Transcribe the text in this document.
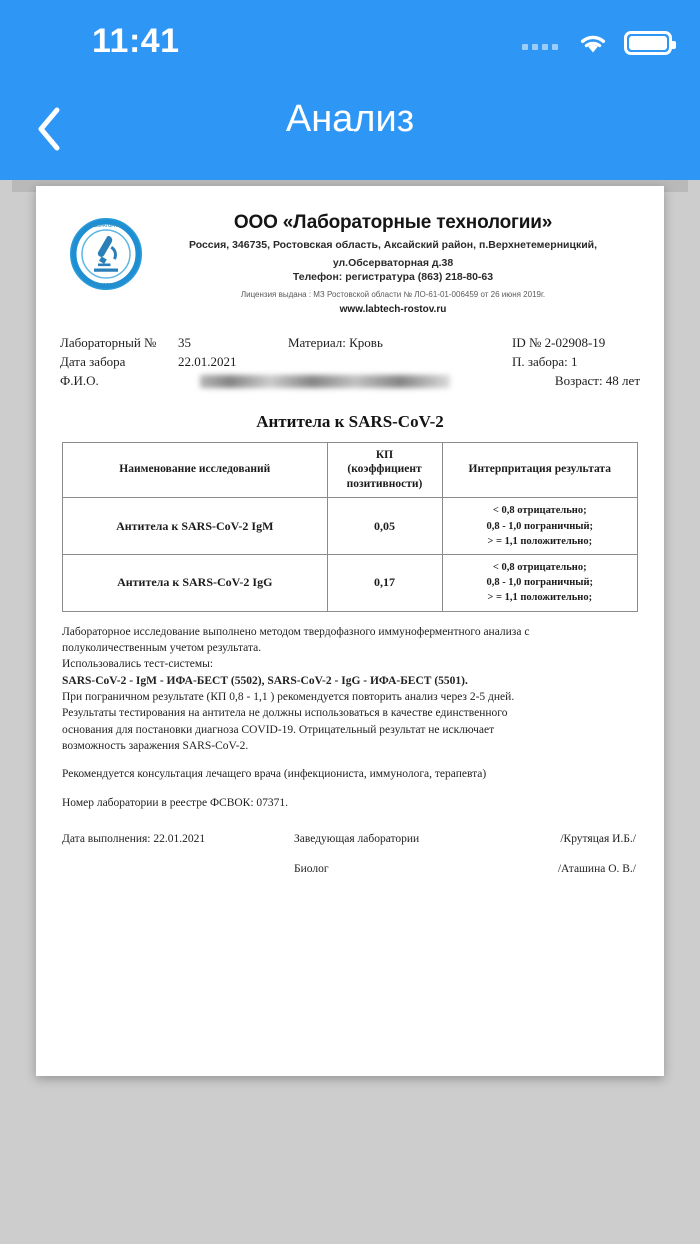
11:41
Анализ
ЛАБОРАТОРНЫЕ
ТЕХНОЛОГИИ
ООО «Лабораторные технологии»
Россия, 346735, Ростовская область, Аксайский район, п.Верхнетемерницкий,
ул.Обсерваторная д.38
Телефон: регистратура (863) 218-80-63
Лицензия выдана : МЗ Ростовской области № ЛО-61-01-006459 от 26 июня 2019г.
www.labtech-rostov.ru
Лабораторный № 35	Материал: Кровь	ID № 2-02908-19
Дата забора	22.01.2021	П. забора: 1
Ф.И.О.	Возраст: 48 лет
Антитела к SARS-CoV-2
Наименование исследований	КП
(коэффициент
позитивности)	Интерпритация результата
Антитела к SARS-CoV-2 IgM	0,05	< 0,8 отрицательно;
0,8 - 1,0 пограничный;
> = 1,1 положительно;

Антитела к SARS-CoV-2 IgG	0,17	< 0,8 отрицательно;
0,8 - 1,0 пограничный;
> = 1,1 положительно;

Лабораторное исследование выполнено методом твердофазного иммуноферментного анализа с

полуколичественным учетом результата.

Использовались тест-системы:

SARS-CoV-2 - IgM - ИФА-БЕСТ (5502), SARS-CoV-2 - IgG - ИФА-БЕСТ (5501).

При пограничном результате (КП 0,8 - 1,1 ) рекомендуется повторить анализ через 2-5 дней.

Результаты тестирования на антитела не должны использоваться в качестве единственного

основания для постановки диагноза COVID-19. Отрицательный результат не исключает

возможность заражения SARS-CoV-2.

Рекомендуется консультация лечащего врача (инфекциониста, иммунолога, терапевта)

Номер лаборатории в реестре ФСВОК: 07371.

Дата выполнения: 22.01.2021	Заведующая лаборатории	/Крутяцая И.Б./
Биолог	/Аташина О. В./
